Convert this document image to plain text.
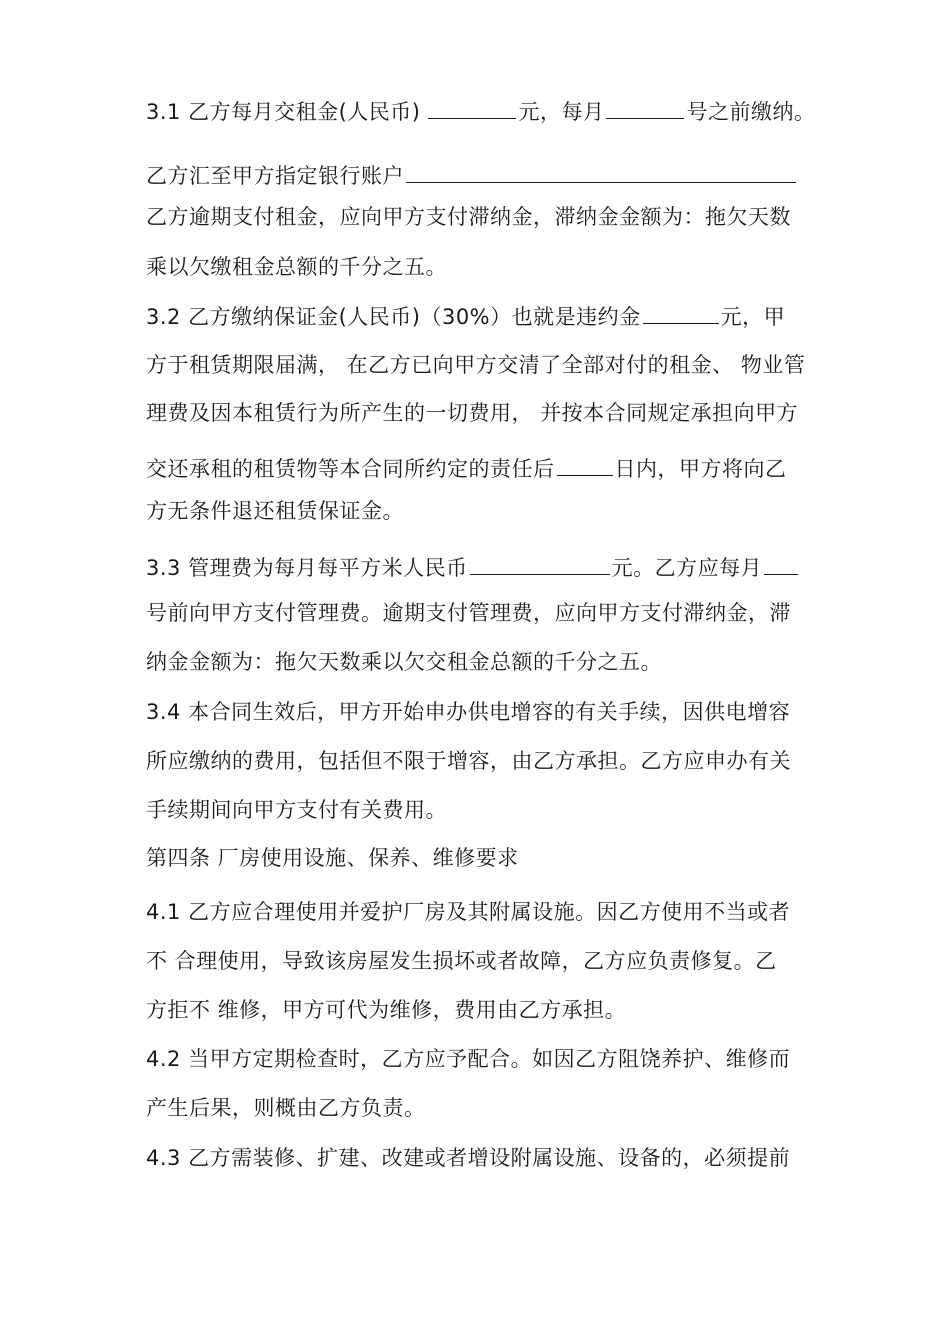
3.1 乙方每月交租金(人民币)	元，每月	号之前缴纳。
乙方汇至甲方指定银行账户
乙方逾期支付租金，应向甲方支付滞纳金，滞纳金金额为：拖欠天数
乘以欠缴租金总额的千分之五。
3.2 乙方缴纳保证金(人民币)（30%）也就是违约金	元，甲
方于租赁期限届满， 在乙方已向甲方交清了全部对付的租金、 物业管
理费及因本租赁行为所产生的一切费用， 并按本合同规定承担向甲方
交还承租的租赁物等本合同所约定的责任后	日内，甲方将向乙
方无条件退还租赁保证金。
3.3 管理费为每月每平方米人民币	元。乙方应每月
号前向甲方支付管理费。逾期支付管理费，应向甲方支付滞纳金，滞
纳金金额为：拖欠天数乘以欠交租金总额的千分之五。
3.4 本合同生效后，甲方开始申办供电增容的有关手续，因供电增容
所应缴纳的费用，包括但不限于增容，由乙方承担。乙方应申办有关
手续期间向甲方支付有关费用。
第四条 厂房使用设施、保养、维修要求
4.1 乙方应合理使用并爱护厂房及其附属设施。因乙方使用不当或者
不 合理使用，导致该房屋发生损坏或者故障，乙方应负责修复。乙
方拒不 维修，甲方可代为维修，费用由乙方承担。
4.2 当甲方定期检查时，乙方应予配合。如因乙方阻饶养护、维修而
产生后果，则概由乙方负责。
4.3 乙方需装修、扩建、改建或者增设附属设施、设备的，必须提前
